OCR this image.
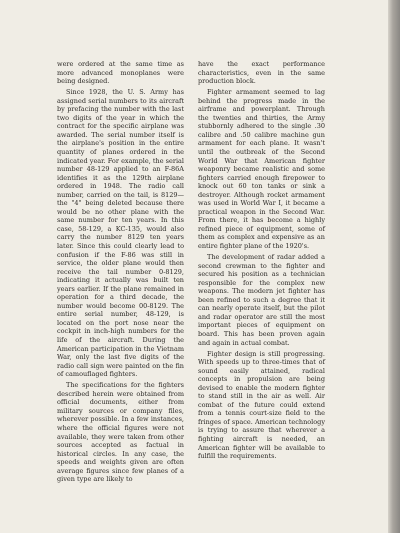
were ordered at the same time as more advanced monoplanes were being designed.

Since 1928, the U. S. Army has assigned serial numbers to its aircraft by prefacing the number with the last two digits of the year in which the contract for the specific airplane was awarded. The serial number itself is the airplane's position in the entire quantity of planes ordered in the indicated year. For example, the serial number 48-129 applied to an F-86A identifies it as the 129th airplane ordered in 1948. The radio call number, carried on the tail, is 8129—the "4" being deleted because there would be no other plane with the same number for ten years. In this case, 58-129, a KC-135, would also carry the number 8129 ten years later. Since this could clearly lead to confusion if the F-86 was still in service, the older plane would then receive the tail number 0-8129, indicating it actually was built ten years earlier. If the plane remained in operation for a third decade, the number would become 00-8129. The entire serial number, 48-129, is located on the port nose near the cockpit in inch-high numbers for the life of the aircraft. During the American participation in the Vietnam War, only the last five digits of the radio call sign were painted on the fin of camouflaged fighters.

The specifications for the fighters described herein were obtained from official documents, either from military sources or company files, wherever possible. In a few instances, where the official figures were not available, they were taken from other sources accepted as factual in historical circles. In any case, the speeds and weights given are often average figures since few planes of a given type are likely to

have the exact performance characteristics, even in the same production block.

Fighter armament seemed to lag behind the progress made in the airframe and powerplant. Through the twenties and thirties, the Army stubbornly adhered to the single .30 calibre and .50 calibre machine gun armament for each plane. It wasn't until the outbreak of the Second World War that American fighter weaponry became realistic and some fighters carried enough firepower to knock out 60 ton tanks or sink a destroyer. Although rocket armament was used in World War I, it became a practical weapon in the Second War. From there, it has become a highly refined piece of equipment, some of them as complex and expensive as an entire fighter plane of the 1920's.

The development of radar added a second crewman to the fighter and secured his position as a technician responsible for the complex new weapons. The modern jet fighter has been refined to such a degree that it can nearly operate itself, but the pilot and radar operator are still the most important pieces of equipment on board. This has been proven again and again in actual combat.

Fighter design is still progressing. With speeds up to three-times that of sound easily attained, radical concepts in propulsion are being devised to enable the modern fighter to stand still in the air as well. Air combat of the future could extend from a tennis court-size field to the fringes of space. American technology is trying to assure that wherever a fighting aircraft is needed, an American fighter will be available to fulfill the requirements.
